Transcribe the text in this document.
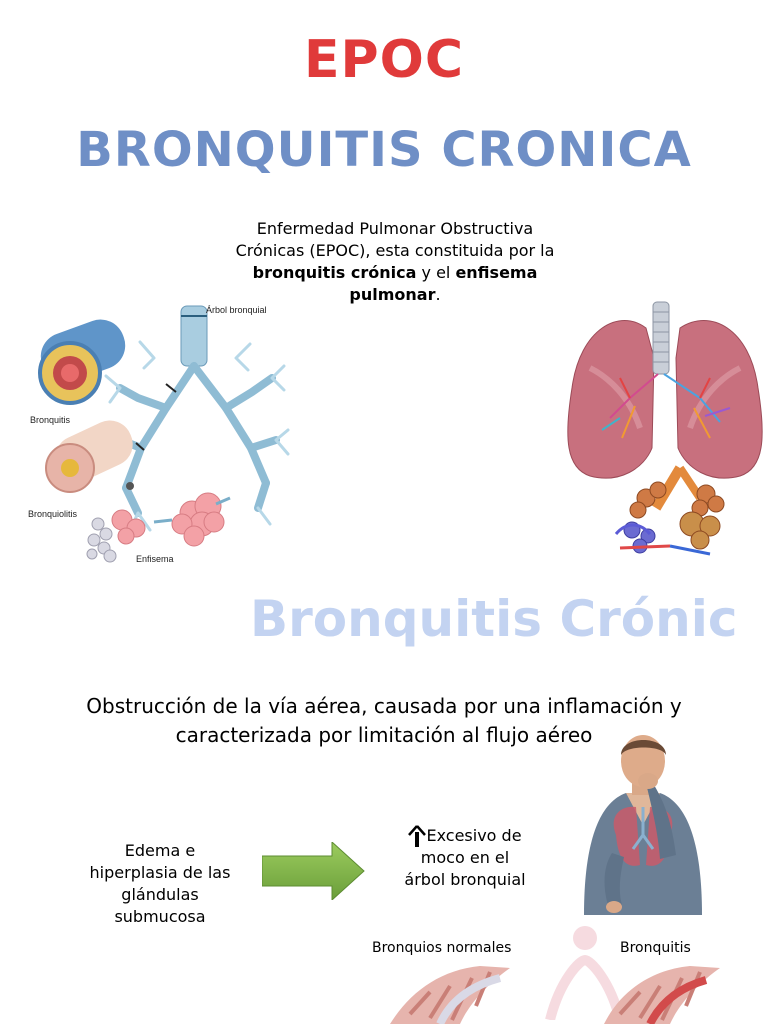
EPOC
BRONQUITIS CRONICA
Enfermedad Pulmonar Obstructiva
Crónicas (EPOC), esta constituida por la
bronquitis crónica y el enfisema
pulmonar.
Árbol bronquial
Bronquitis
Bronquiolitis
Enfisema
Bronquitis Crónic
Obstrucción de la vía aérea, causada por una inflamación y
caracterizada por limitación al flujo aéreo
Edema e
hiperplasia de las
glándulas
submucosa
Excesivo de
moco en el
árbol bronquial
Bronquios normales	Bronquitis
